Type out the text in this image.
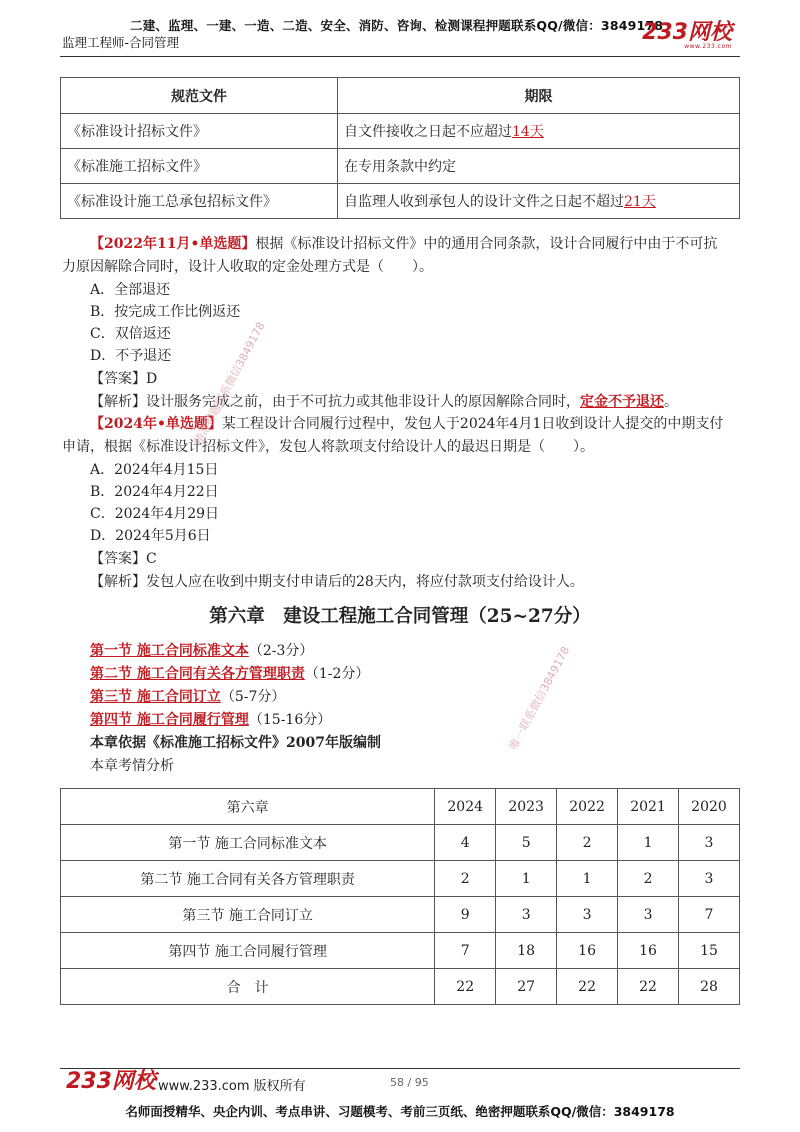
二建、监理、一建、一造、二造、安全、消防、咨询、检测课程押题联系QQ/微信：3849178
监理工程师-合同管理	233网校
www.233.com
规范文件	期限
《标准设计招标文件》	自文件接收之日起不应超过14天
《标准施工招标文件》	在专用条款中约定
《标准设计施工总承包招标文件》	自监理人收到承包人的设计文件之日起不超过21天
【2022年11月•单选题】根据《标准设计招标文件》中的通用合同条款，设计合同履行中由于不可抗
力原因解除合同时，设计人收取的定金处理方式是（　　）。
A．全部退还
B．按完成工作比例返还
C．双倍返还
D．不予退还
【答案】D
【解析】设计服务完成之前，由于不可抗力或其他非设计人的原因解除合同时，定金不予退还。
【2024年•单选题】某工程设计合同履行过程中，发包人于2024年4月1日收到设计人提交的中期支付
申请，根据《标准设计招标文件》，发包人将款项支付给设计人的最迟日期是（　　）。
A．2024年4月15日
B．2024年4月22日
C．2024年4月29日
D．2024年5月6日
【答案】C
【解析】发包人应在收到中期支付申请后的28天内，将应付款项支付给设计人。
第六章　建设工程施工合同管理（25~27分）
第一节 施工合同标准文本（2-3分）
第二节 施工合同有关各方管理职责（1-2分）
第三节 施工合同订立（5-7分）
第四节 施工合同履行管理（15-16分）
本章依据《标准施工招标文件》2007年版编制
本章考情分析
第六章	2024	2023	2022	2021	2020
第一节 施工合同标准文本	4	5	2	1	3
第二节 施工合同有关各方管理职责	2	1	1	2	3
第三节 施工合同订立	9	3	3	3	7
第四节 施工合同履行管理	7	18	16	16	15
合　计	22	27	22	22	28
精准押题联系微信3849178
唯一联系微信3849178
233网校 www.233.com 版权所有	58 / 95
名师面授精华、央企内训、考点串讲、习题模考、考前三页纸、绝密押题联系QQ/微信：3849178
